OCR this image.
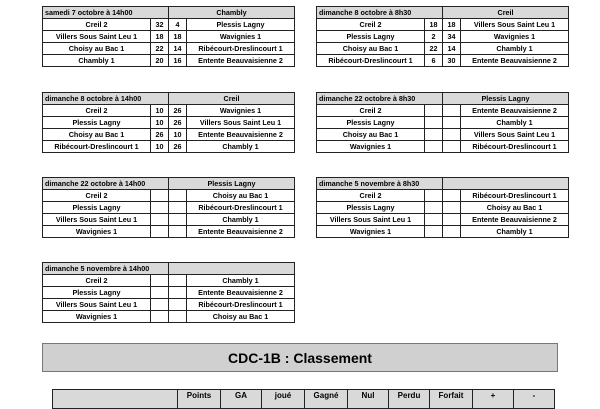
samedi 7 octobre à 14h00		Chambly	
Creil 2	32	4	Plessis Lagny
Villers Sous Saint Leu 1	18	18	Wavignies 1
Choisy au Bac 1	22	14	Ribécourt-Dreslincourt 1
Chambly 1	20	16	Entente Beauvaisienne 2
dimanche 8 octobre à 8h30		Creil	
Creil 2	18	18	Villers Sous Saint Leu 1
Plessis Lagny	2	34	Wavignies 1
Choisy au Bac 1	22	14	Chambly 1
Ribécourt-Dreslincourt 1	6	30	Entente Beauvaisienne 2
dimanche 8 octobre à 14h00		Creil	
Creil 2	10	26	Wavignies 1
Plessis Lagny	10	26	Villers Sous Saint Leu 1
Choisy au Bac 1	26	10	Entente Beauvaisienne 2
Ribécourt-Dreslincourt 1	10	26	Chambly 1
dimanche 22 octobre à 8h30		Plessis Lagny	
Creil 2			Entente Beauvaisienne 2
Plessis Lagny			Chambly 1
Choisy au Bac 1			Villers Sous Saint Leu 1
Wavignies 1			Ribécourt-Dreslincourt 1
dimanche 22 octobre à 14h00		Plessis Lagny	
Creil 2			Choisy au Bac 1
Plessis Lagny			Ribécourt-Dreslincourt 1
Villers Sous Saint Leu 1			Chambly 1
Wavignies 1			Entente Beauvaisienne 2
dimanche 5 novembre à 8h30			
Creil 2			Ribécourt-Dreslincourt 1
Plessis Lagny			Choisy au Bac 1
Villers Sous Saint Leu 1			Entente Beauvaisienne 2
Wavignies 1			Chambly 1
dimanche 5 novembre à 14h00			
Creil 2			Chambly 1
Plessis Lagny			Entente Beauvaisienne 2
Villers Sous Saint Leu 1			Ribécourt-Dreslincourt 1
Wavignies 1			Choisy au Bac 1
CDC-1B : Classement
	Points	GA	joué	Gagné	Nul	Perdu	Forfait	+	-
